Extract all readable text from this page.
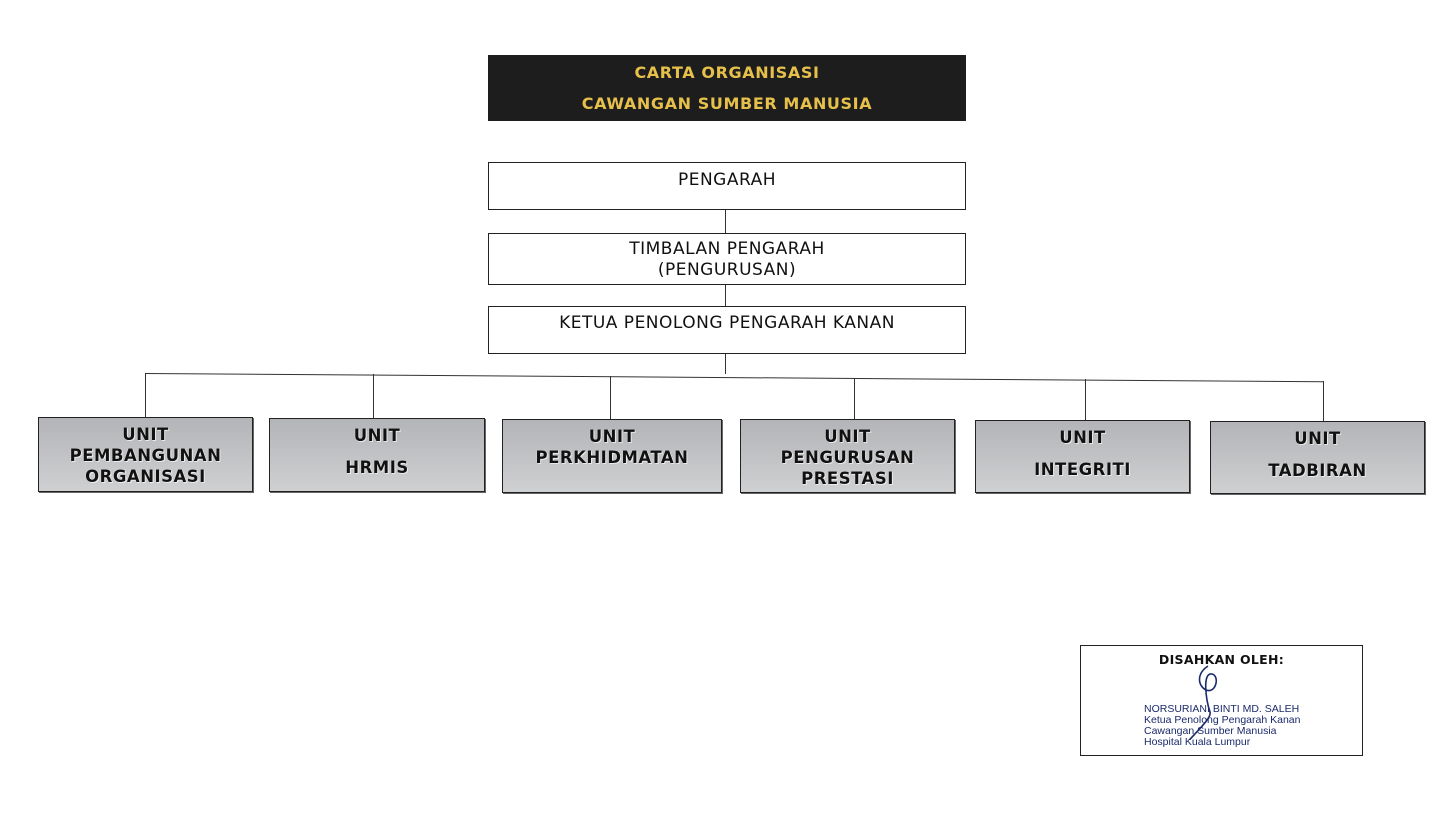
CARTA ORGANISASI
CAWANGAN SUMBER MANUSIA
PENGARAH
TIMBALAN PENGARAH
(PENGURUSAN)
KETUA PENOLONG PENGARAH KANAN
UNIT
PEMBANGUNAN
ORGANISASI
UNIT
HRMIS
UNIT
PERKHIDMATAN
UNIT
PENGURUSAN
PRESTASI
UNIT
INTEGRITI
UNIT
TADBIRAN
DISAHKAN OLEH:
NORSURIANI BINTI MD. SALEH
Ketua Penolong Pengarah Kanan
Cawangan Sumber Manusia
Hospital Kuala Lumpur
